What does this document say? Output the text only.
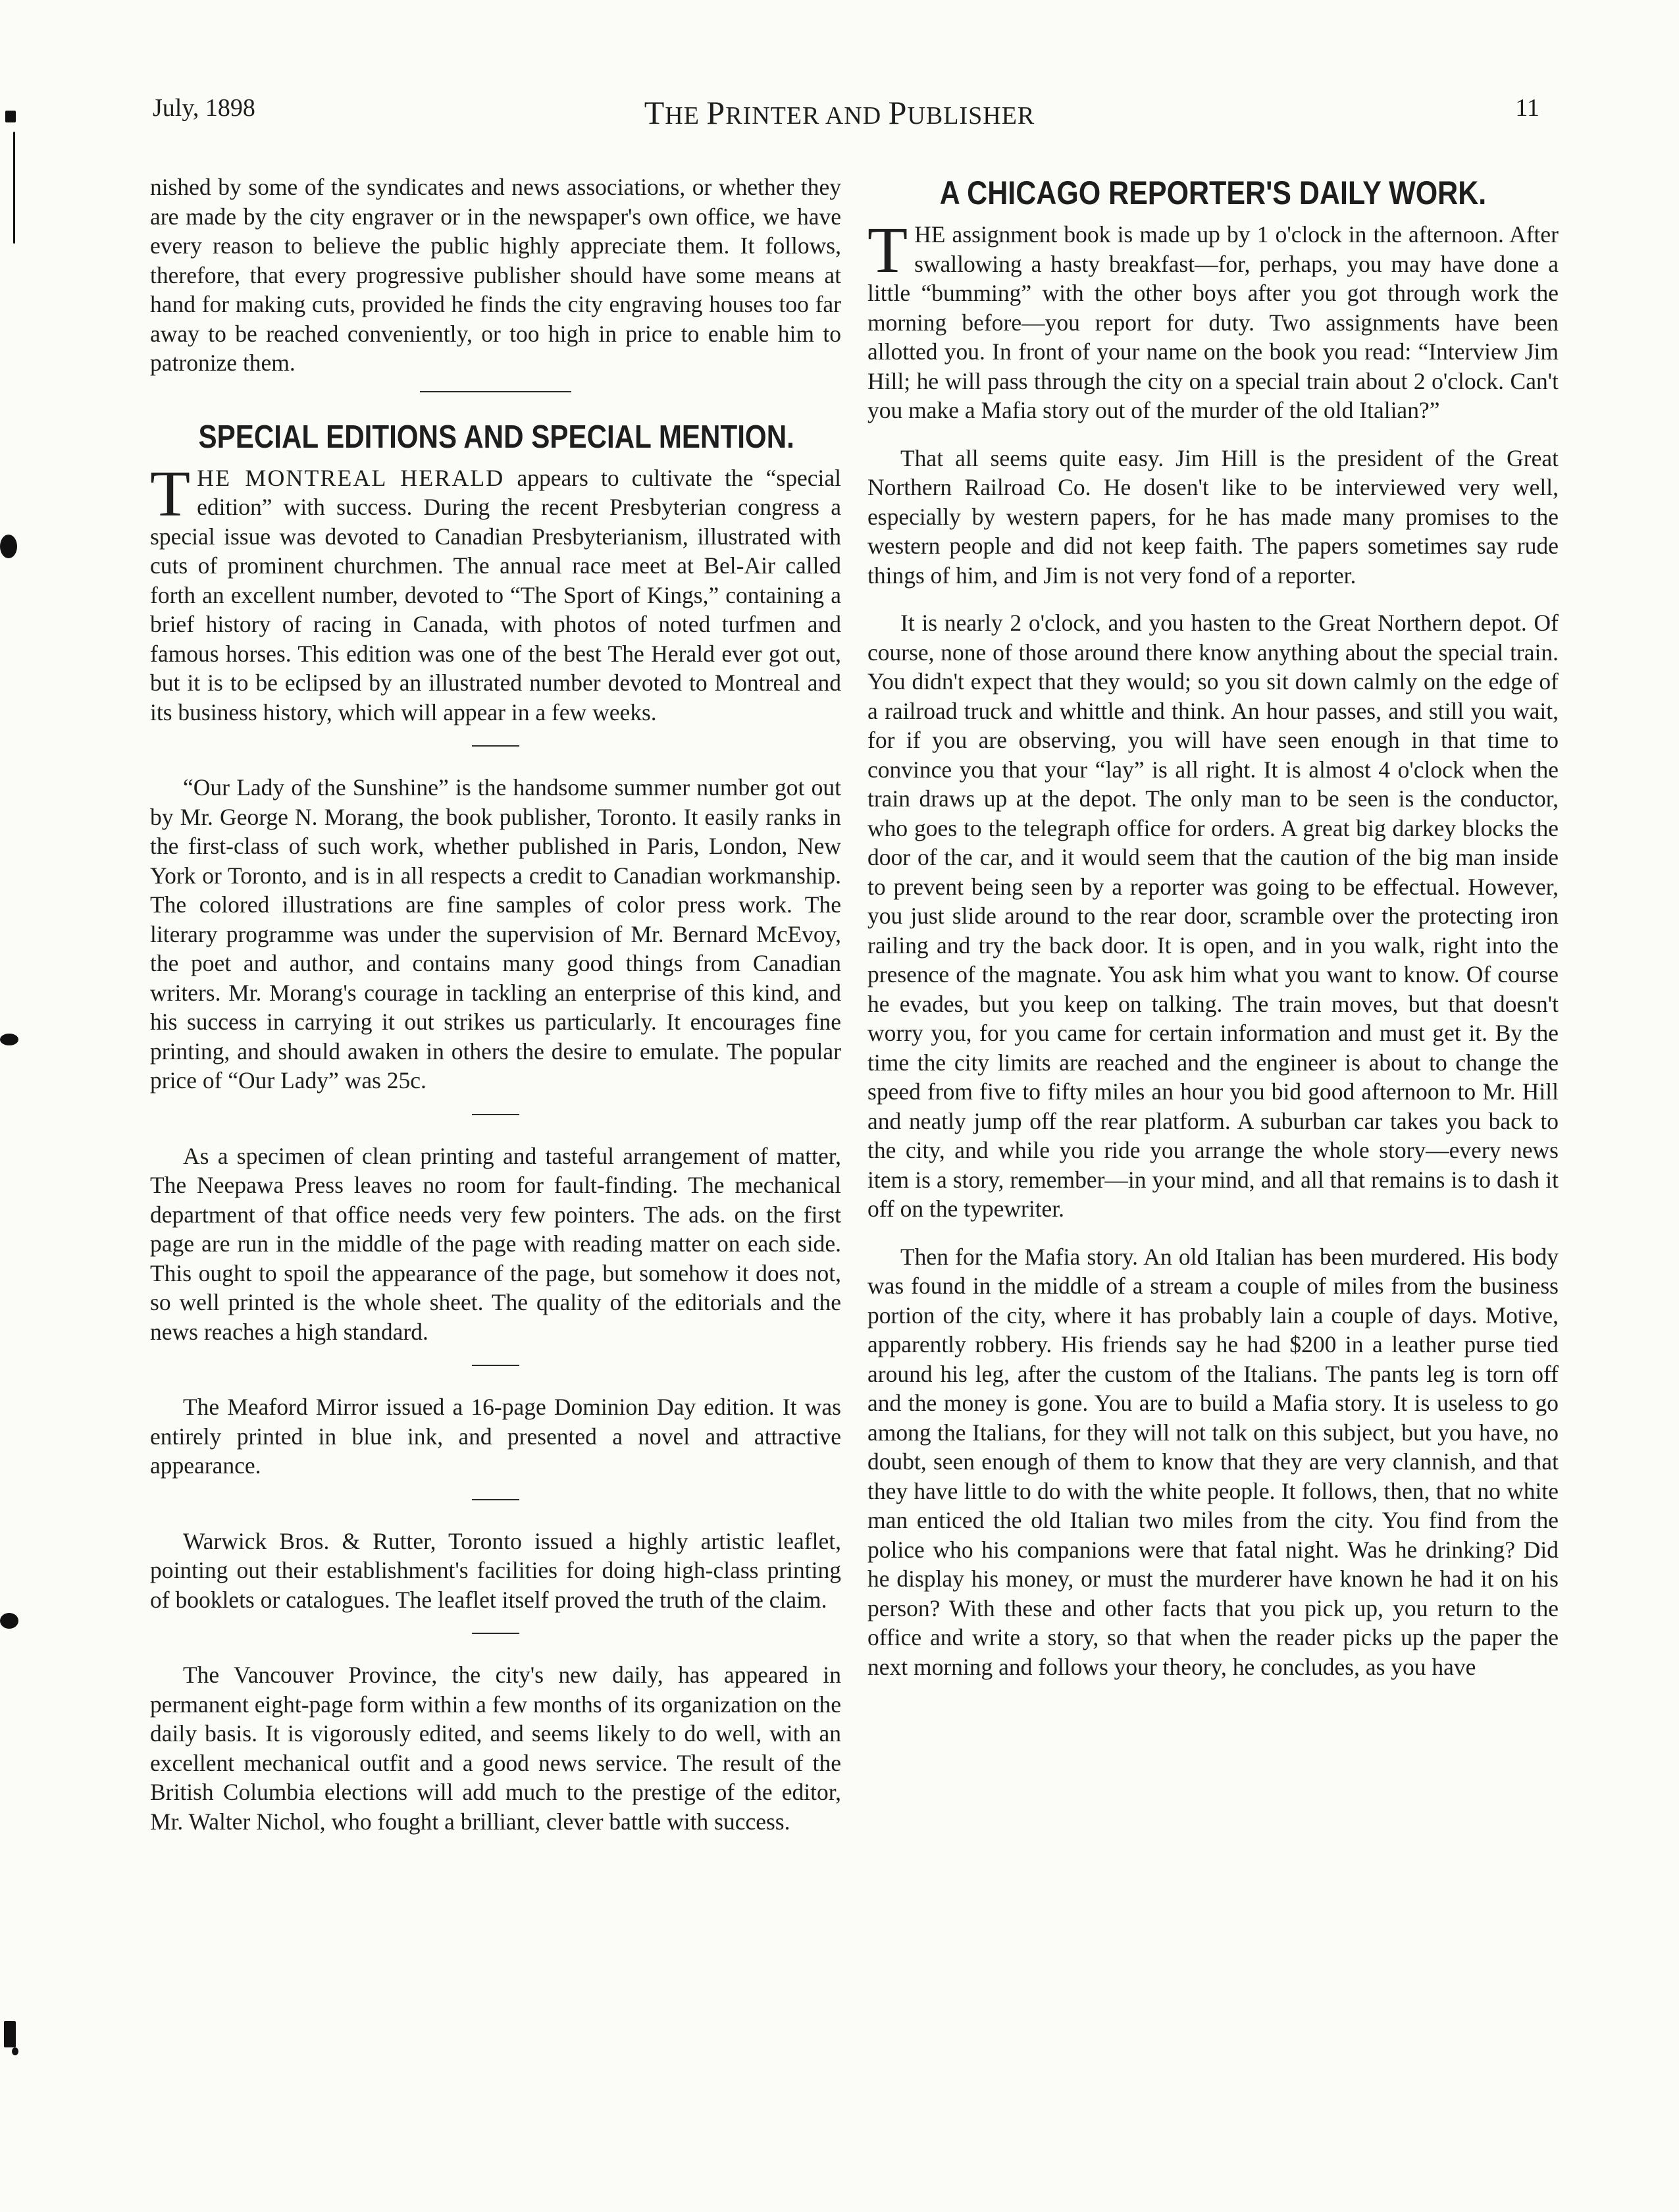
July, 1898	THE PRINTER AND PUBLISHER	11

nished by some of the syndicates and news associations, or whether they are made by the city engraver or in the newspaper's own office, we have every reason to believe the public highly appreciate them. It follows, therefore, that every progressive publisher should have some means at hand for making cuts, provided he finds the city engraving houses too far away to be reached conveniently, or too high in price to enable him to patronize them.

SPECIAL EDITIONS AND SPECIAL MENTION.

THE MONTREAL HERALD appears to cultivate the “special edition” with success. During the recent Presbyterian congress a special issue was devoted to Canadian Presbyterianism, illustrated with cuts of prominent churchmen. The annual race meet at Bel-Air called forth an excellent number, devoted to “The Sport of Kings,” containing a brief history of racing in Canada, with photos of noted turfmen and famous horses. This edition was one of the best The Herald ever got out, but it is to be eclipsed by an illustrated number devoted to Montreal and its business history, which will appear in a few weeks.

“Our Lady of the Sunshine” is the handsome summer number got out by Mr. George N. Morang, the book publisher, Toronto. It easily ranks in the first-class of such work, whether published in Paris, London, New York or Toronto, and is in all respects a credit to Canadian workmanship. The colored illustrations are fine samples of color press work. The literary programme was under the supervision of Mr. Bernard McEvoy, the poet and author, and contains many good things from Canadian writers. Mr. Morang's courage in tackling an enterprise of this kind, and his success in carrying it out strikes us particularly. It encourages fine printing, and should awaken in others the desire to emulate. The popular price of “Our Lady” was 25c.

As a specimen of clean printing and tasteful arrangement of matter, The Neepawa Press leaves no room for fault-finding. The mechanical department of that office needs very few pointers. The ads. on the first page are run in the middle of the page with reading matter on each side. This ought to spoil the appearance of the page, but somehow it does not, so well printed is the whole sheet. The quality of the editorials and the news reaches a high standard.

The Meaford Mirror issued a 16-page Dominion Day edition. It was entirely printed in blue ink, and presented a novel and attractive appearance.

Warwick Bros. & Rutter, Toronto issued a highly artistic leaflet, pointing out their establishment's facilities for doing high-class printing of booklets or catalogues. The leaflet itself proved the truth of the claim.

The Vancouver Province, the city's new daily, has appeared in permanent eight-page form within a few months of its organization on the daily basis. It is vigorously edited, and seems likely to do well, with an excellent mechanical outfit and a good news service. The result of the British Columbia elections will add much to the prestige of the editor, Mr. Walter Nichol, who fought a brilliant, clever battle with success.

A CHICAGO REPORTER'S DAILY WORK.

THE assignment book is made up by 1 o'clock in the afternoon. After swallowing a hasty breakfast—for, perhaps, you may have done a little “bumming” with the other boys after you got through work the morning before—you report for duty. Two assignments have been allotted you. In front of your name on the book you read: “Interview Jim Hill; he will pass through the city on a special train about 2 o'clock. Can't you make a Mafia story out of the murder of the old Italian?”

That all seems quite easy. Jim Hill is the president of the Great Northern Railroad Co. He dosen't like to be interviewed very well, especially by western papers, for he has made many promises to the western people and did not keep faith. The papers sometimes say rude things of him, and Jim is not very fond of a reporter.

It is nearly 2 o'clock, and you hasten to the Great Northern depot. Of course, none of those around there know anything about the special train. You didn't expect that they would; so you sit down calmly on the edge of a railroad truck and whittle and think. An hour passes, and still you wait, for if you are observing, you will have seen enough in that time to convince you that your “lay” is all right. It is almost 4 o'clock when the train draws up at the depot. The only man to be seen is the conductor, who goes to the telegraph office for orders. A great big darkey blocks the door of the car, and it would seem that the caution of the big man inside to prevent being seen by a reporter was going to be effectual. However, you just slide around to the rear door, scramble over the protecting iron railing and try the back door. It is open, and in you walk, right into the presence of the magnate. You ask him what you want to know. Of course he evades, but you keep on talking. The train moves, but that doesn't worry you, for you came for certain information and must get it. By the time the city limits are reached and the engineer is about to change the speed from five to fifty miles an hour you bid good afternoon to Mr. Hill and neatly jump off the rear platform. A suburban car takes you back to the city, and while you ride you arrange the whole story—every news item is a story, remember—in your mind, and all that remains is to dash it off on the typewriter.

Then for the Mafia story. An old Italian has been murdered. His body was found in the middle of a stream a couple of miles from the business portion of the city, where it has probably lain a couple of days. Motive, apparently robbery. His friends say he had $200 in a leather purse tied around his leg, after the custom of the Italians. The pants leg is torn off and the money is gone. You are to build a Mafia story. It is useless to go among the Italians, for they will not talk on this subject, but you have, no doubt, seen enough of them to know that they are very clannish, and that they have little to do with the white people. It follows, then, that no white man enticed the old Italian two miles from the city. You find from the police who his companions were that fatal night. Was he drinking? Did he display his money, or must the murderer have known he had it on his person? With these and other facts that you pick up, you return to the office and write a story, so that when the reader picks up the paper the next morning and follows your theory, he concludes, as you have
